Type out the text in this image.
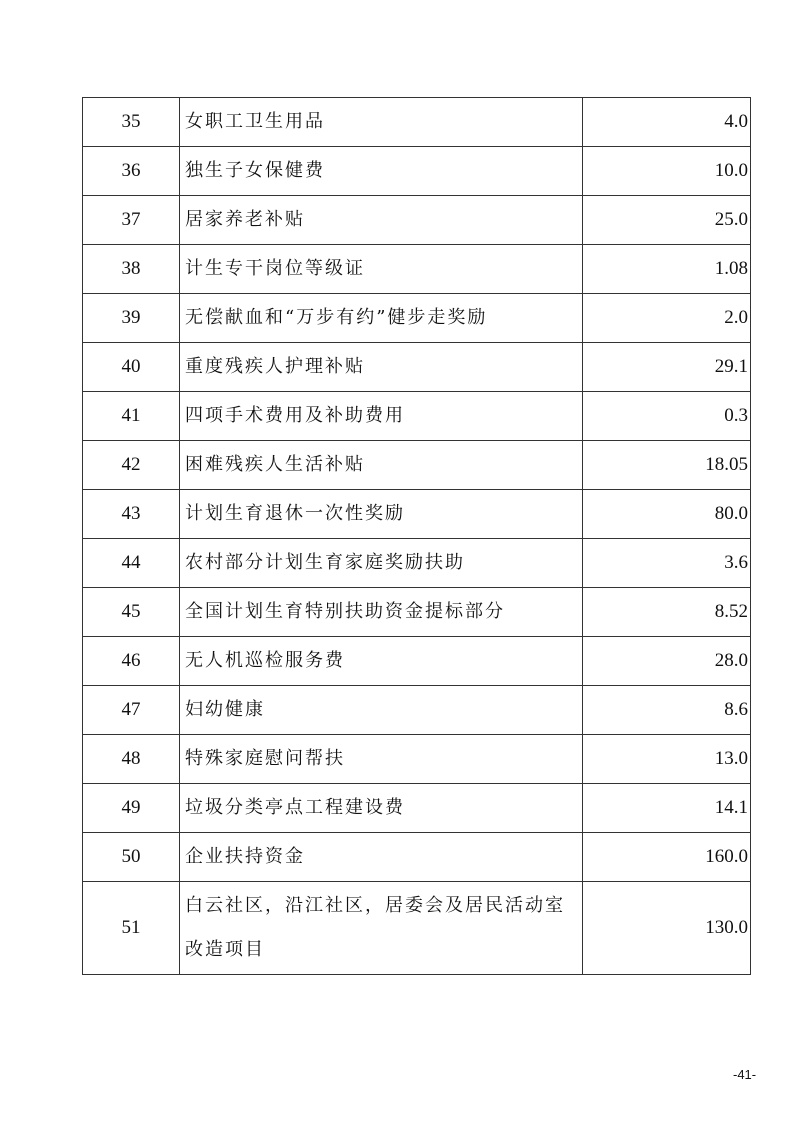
35	女职工卫生用品	4.0
36	独生子女保健费	10.0
37	居家养老补贴	25.0
38	计生专干岗位等级证	1.08
39	无偿献血和“万步有约”健步走奖励	2.0
40	重度残疾人护理补贴	29.1
41	四项手术费用及补助费用	0.3
42	困难残疾人生活补贴	18.05
43	计划生育退休一次性奖励	80.0
44	农村部分计划生育家庭奖励扶助	3.6
45	全国计划生育特别扶助资金提标部分	8.52
46	无人机巡检服务费	28.0
47	妇幼健康	8.6
48	特殊家庭慰问帮扶	13.0
49	垃圾分类亭点工程建设费	14.1
50	企业扶持资金	160.0
51	白云社区，沿江社区，居委会及居民活动室改造项目	130.0
-41-
